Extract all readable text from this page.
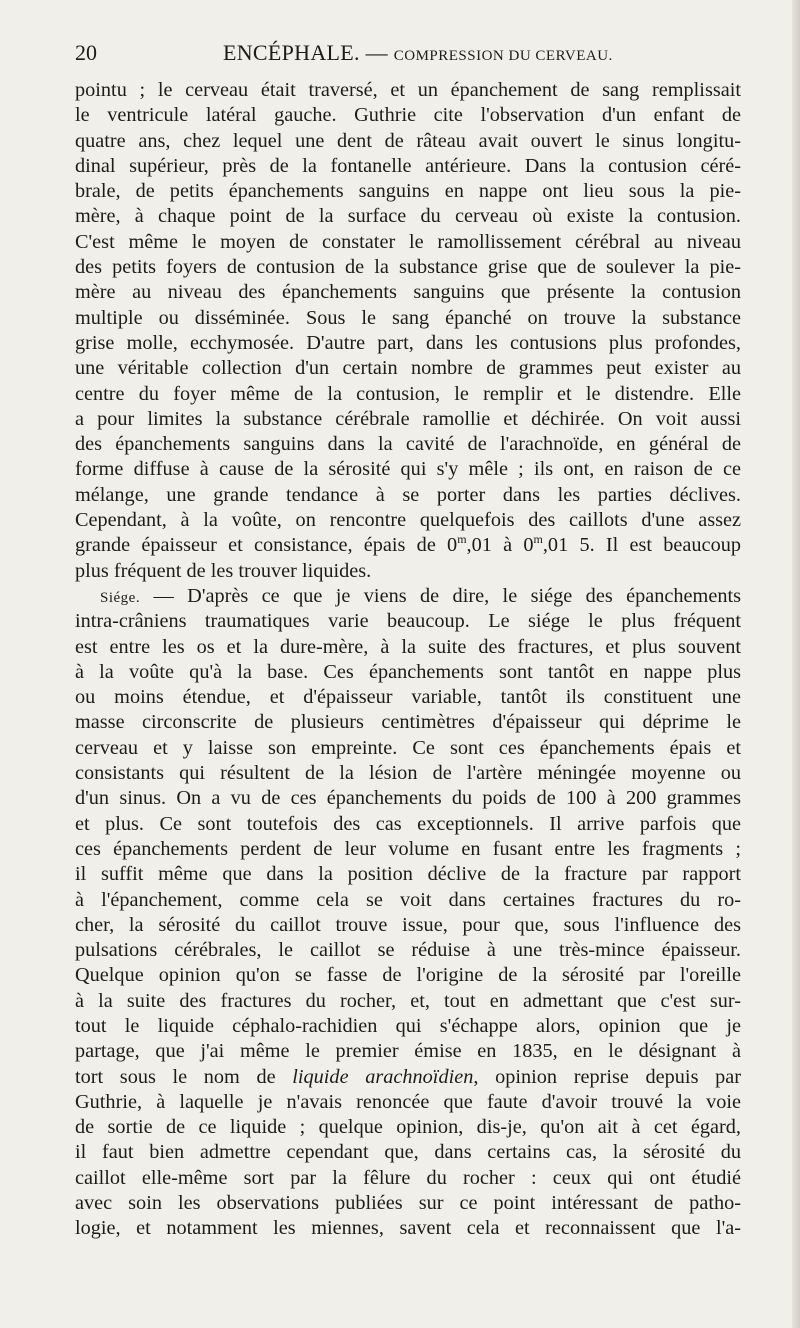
20	ENCÉPHALE. — COMPRESSION DU CERVEAU.
pointu ; le cerveau était traversé, et un épanchement de sang remplissait
le ventricule latéral gauche. Guthrie cite l'observation d'un enfant de
quatre ans, chez lequel une dent de râteau avait ouvert le sinus longitu-
dinal supérieur, près de la fontanelle antérieure. Dans la contusion céré-
brale, de petits épanchements sanguins en nappe ont lieu sous la pie-
mère, à chaque point de la surface du cerveau où existe la contusion.
C'est même le moyen de constater le ramollissement cérébral au niveau
des petits foyers de contusion de la substance grise que de soulever la pie-
mère au niveau des épanchements sanguins que présente la contusion
multiple ou disséminée. Sous le sang épanché on trouve la substance
grise molle, ecchymosée. D'autre part, dans les contusions plus profondes,
une véritable collection d'un certain nombre de grammes peut exister au
centre du foyer même de la contusion, le remplir et le distendre. Elle
a pour limites la substance cérébrale ramollie et déchirée. On voit aussi
des épanchements sanguins dans la cavité de l'arachnoïde, en général de
forme diffuse à cause de la sérosité qui s'y mêle ; ils ont, en raison de ce
mélange, une grande tendance à se porter dans les parties déclives.
Cependant, à la voûte, on rencontre quelquefois des caillots d'une assez
grande épaisseur et consistance, épais de 0$^m$,01 à 0$^m$,01 5. Il est beaucoup
plus fréquent de les trouver liquides.
Siége. — D'après ce que je viens de dire, le siége des épanchements
intra-crâniens traumatiques varie beaucoup. Le siége le plus fréquent
est entre les os et la dure-mère, à la suite des fractures, et plus souvent
à la voûte qu'à la base. Ces épanchements sont tantôt en nappe plus
ou moins étendue, et d'épaisseur variable, tantôt ils constituent une
masse circonscrite de plusieurs centimètres d'épaisseur qui déprime le
cerveau et y laisse son empreinte. Ce sont ces épanchements épais et
consistants qui résultent de la lésion de l'artère méningée moyenne ou
d'un sinus. On a vu de ces épanchements du poids de 100 à 200 grammes
et plus. Ce sont toutefois des cas exceptionnels. Il arrive parfois que
ces épanchements perdent de leur volume en fusant entre les fragments ;
il suffit même que dans la position déclive de la fracture par rapport
à l'épanchement, comme cela se voit dans certaines fractures du ro-
cher, la sérosité du caillot trouve issue, pour que, sous l'influence des
pulsations cérébrales, le caillot se réduise à une très-mince épaisseur.
Quelque opinion qu'on se fasse de l'origine de la sérosité par l'oreille
à la suite des fractures du rocher, et, tout en admettant que c'est sur-
tout le liquide céphalo-rachidien qui s'échappe alors, opinion que je
partage, que j'ai même le premier émise en 1835, en le désignant à
tort sous le nom de liquide arachnoïdien, opinion reprise depuis par
Guthrie, à laquelle je n'avais renoncée que faute d'avoir trouvé la voie
de sortie de ce liquide ; quelque opinion, dis-je, qu'on ait à cet égard,
il faut bien admettre cependant que, dans certains cas, la sérosité du
caillot elle-même sort par la fêlure du rocher : ceux qui ont étudié
avec soin les observations publiées sur ce point intéressant de patho-
logie, et notamment les miennes, savent cela et reconnaissent que l'a-
